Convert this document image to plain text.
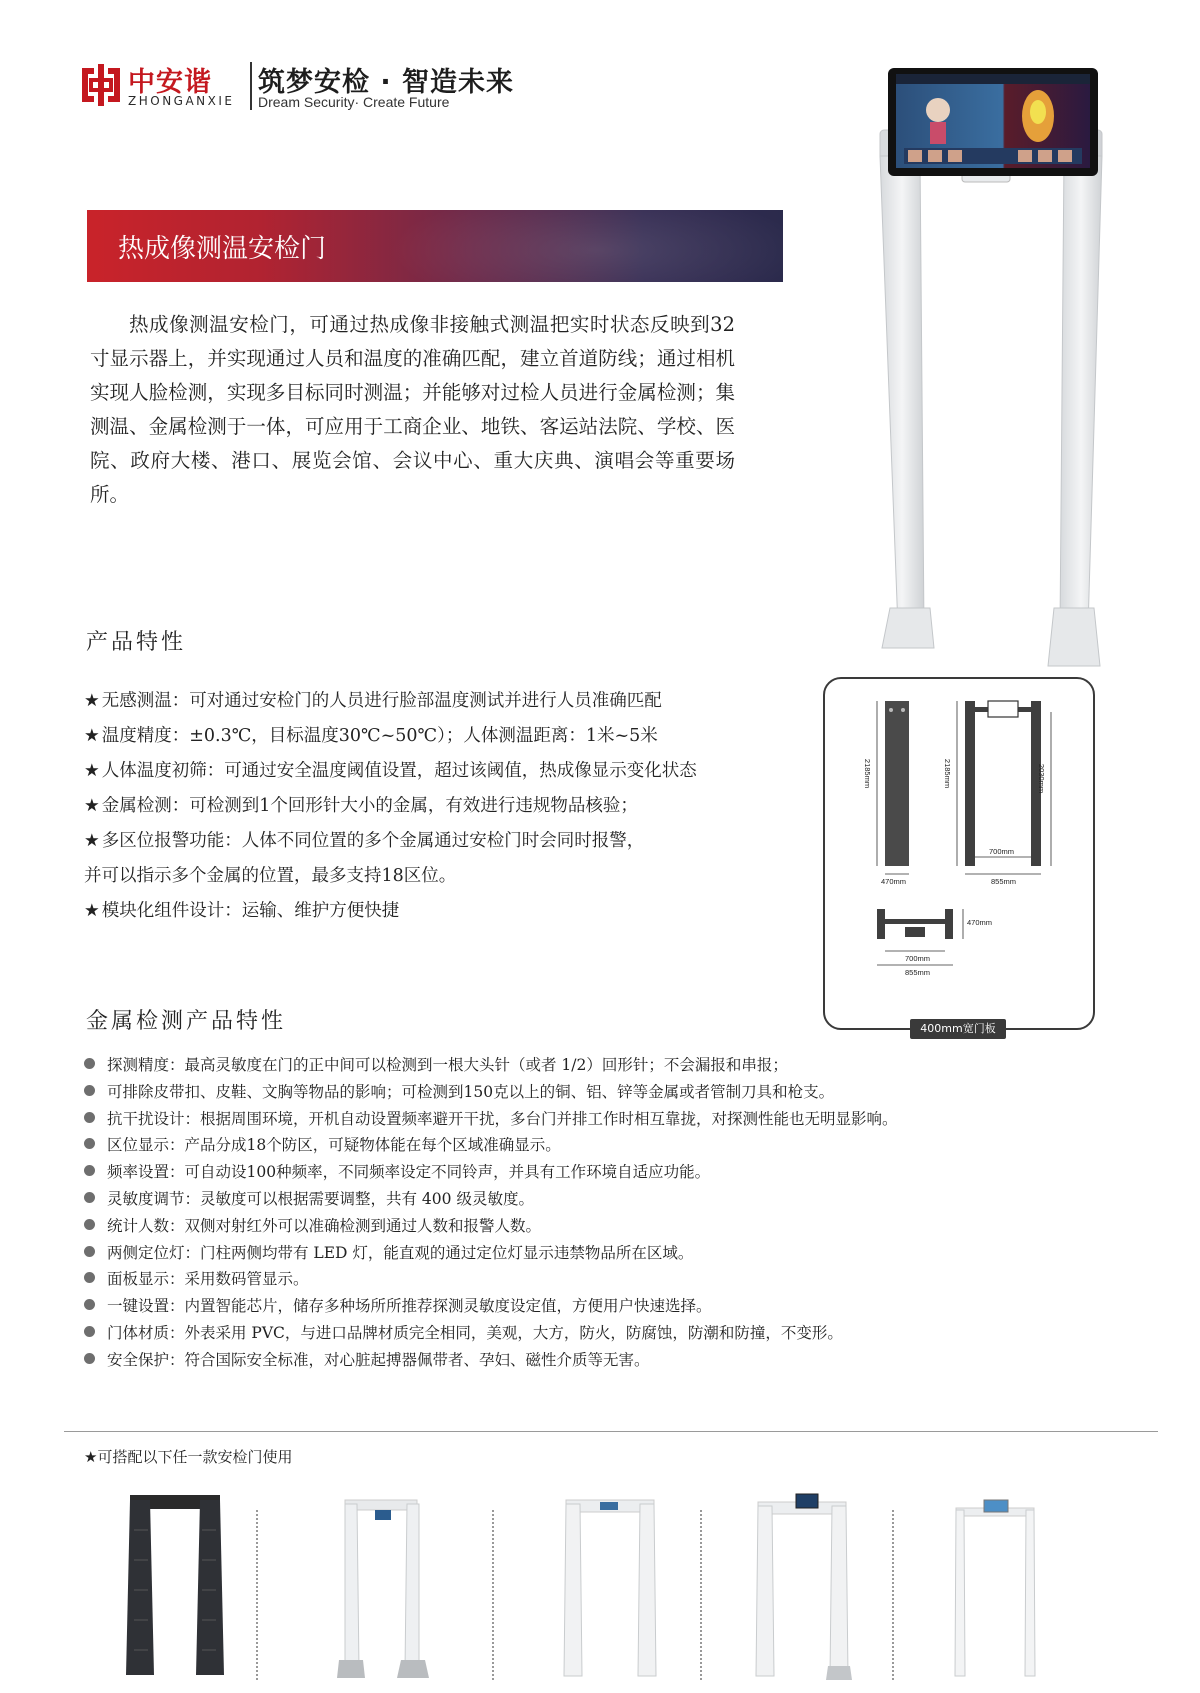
中安谐
ZHONGANXIE
筑梦安检 · 智造未来
Dream Security· Create Future
热成像测温安检门
热成像测温安检门，可通过热成像非接触式测温把实时状态反映到32寸显示器上，并实现通过人员和温度的准确匹配，建立首道防线；通过相机实现人脸检测，实现多目标同时测温；并能够对过检人员进行金属检测；集测温、金属检测于一体，可应用于工商企业、地铁、客运站法院、学校、医院、政府大楼、港口、展览会馆、会议中心、重大庆典、演唱会等重要场所。
产品特性
★ 无感测温：可对通过安检门的人员进行脸部温度测试并进行人员准确匹配
★ 温度精度：±0.3℃，目标温度30℃~50℃）；人体测温距离：1米~5米
★ 人体温度初筛：可通过安全温度阈值设置，超过该阈值，热成像显示变化状态
★ 金属检测：可检测到1个回形针大小的金属，有效进行违规物品核验；
★ 多区位报警功能：人体不同位置的多个金属通过安检门时会同时报警，
并可以指示多个金属的位置，最多支持18区位。
★ 模块化组件设计：运输、维护方便快捷
2185mm
470mm
2185mm	2030mm
700mm
855mm
470mm
700mm
855mm
400mm宽门板
金属检测产品特性
探测精度：最高灵敏度在门的正中间可以检测到一根大头针（或者 1/2）回形针；不会漏报和串报；
可排除皮带扣、皮鞋、文胸等物品的影响；可检测到150克以上的铜、铝、锌等金属或者管制刀具和枪支。
抗干扰设计：根据周围环境，开机自动设置频率避开干扰，多台门并排工作时相互靠拢，对探测性能也无明显影响。
区位显示：产品分成18个防区，可疑物体能在每个区域准确显示。
频率设置：可自动设100种频率，不同频率设定不同铃声，并具有工作环境自适应功能。
灵敏度调节：灵敏度可以根据需要调整，共有 400 级灵敏度。
统计人数：双侧对射红外可以准确检测到通过人数和报警人数。
两侧定位灯：门柱两侧均带有 LED 灯，能直观的通过定位灯显示违禁物品所在区域。
面板显示：采用数码管显示。
一键设置：内置智能芯片，储存多种场所所推荐探测灵敏度设定值，方便用户快速选择。
门体材质：外表采用 PVC，与进口品牌材质完全相同，美观，大方，防火，防腐蚀，防潮和防撞，不变形。
安全保护：符合国际安全标准，对心脏起搏器佩带者、孕妇、磁性介质等无害。
★可搭配以下任一款安检门使用
